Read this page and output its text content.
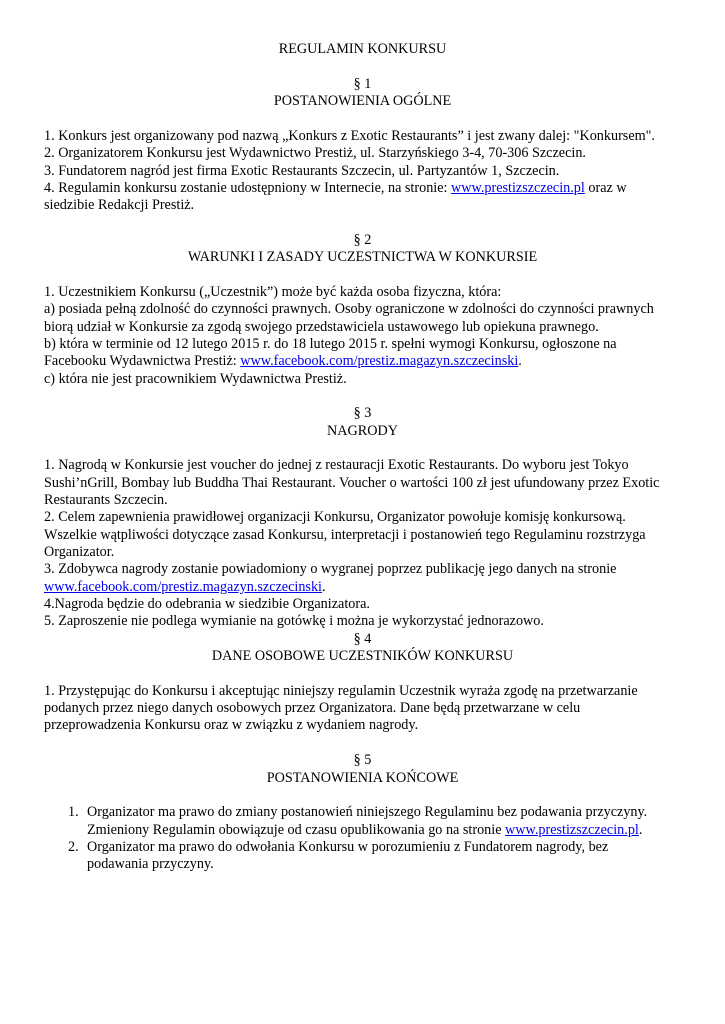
REGULAMIN KONKURSU
§ 1
POSTANOWIENIA OGÓLNE
1. Konkurs jest organizowany pod nazwą „Konkurs z Exotic Restaurants” i jest zwany dalej: "Konkursem".
2. Organizatorem Konkursu jest Wydawnictwo Prestiż, ul. Starzyńskiego 3-4, 70-306 Szczecin.
3. Fundatorem nagród jest firma Exotic Restaurants Szczecin, ul. Partyzantów 1, Szczecin.
4. Regulamin konkursu zostanie udostępniony w Internecie, na stronie: www.prestizszczecin.pl oraz w
siedzibie Redakcji Prestiż.
§ 2
WARUNKI I ZASADY UCZESTNICTWA W KONKURSIE
1. Uczestnikiem Konkursu („Uczestnik”) może być każda osoba fizyczna, która:
a) posiada pełną zdolność do czynności prawnych. Osoby ograniczone w zdolności do czynności prawnych
biorą udział w Konkursie za zgodą swojego przedstawiciela ustawowego lub opiekuna prawnego.
b) która w terminie od 12 lutego 2015 r. do 18 lutego 2015 r. spełni wymogi Konkursu, ogłoszone na
Facebooku Wydawnictwa Prestiż: www.facebook.com/prestiz.magazyn.szczecinski.
c) która nie jest pracownikiem Wydawnictwa Prestiż.
§ 3
NAGRODY
1. Nagrodą w Konkursie jest voucher do jednej z restauracji Exotic Restaurants. Do wyboru jest Tokyo
Sushi’nGrill, Bombay lub Buddha Thai Restaurant. Voucher o wartości 100 zł jest ufundowany przez Exotic
Restaurants Szczecin.
2. Celem zapewnienia prawidłowej organizacji Konkursu, Organizator powołuje komisję konkursową.
Wszelkie wątpliwości dotyczące zasad Konkursu, interpretacji i postanowień tego Regulaminu rozstrzyga
Organizator.
3. Zdobywca nagrody zostanie powiadomiony o wygranej poprzez publikację jego danych na stronie
www.facebook.com/prestiz.magazyn.szczecinski.
4.Nagroda będzie do odebrania w siedzibie Organizatora.
5. Zaproszenie nie podlega wymianie na gotówkę i można je wykorzystać jednorazowo.
§ 4
DANE OSOBOWE UCZESTNIKÓW KONKURSU
1. Przystępując do Konkursu i akceptując niniejszy regulamin Uczestnik wyraża zgodę na przetwarzanie
podanych przez niego danych osobowych przez Organizatora. Dane będą przetwarzane w celu
przeprowadzenia Konkursu oraz w związku z wydaniem nagrody.
§ 5
POSTANOWIENIA KOŃCOWE
1. Organizator ma prawo do zmiany postanowień niniejszego Regulaminu bez podawania przyczyny.
Zmieniony Regulamin obowiązuje od czasu opublikowania go na stronie www.prestizszczecin.pl.
2. Organizator ma prawo do odwołania Konkursu w porozumieniu z Fundatorem nagrody, bez
podawania przyczyny.
